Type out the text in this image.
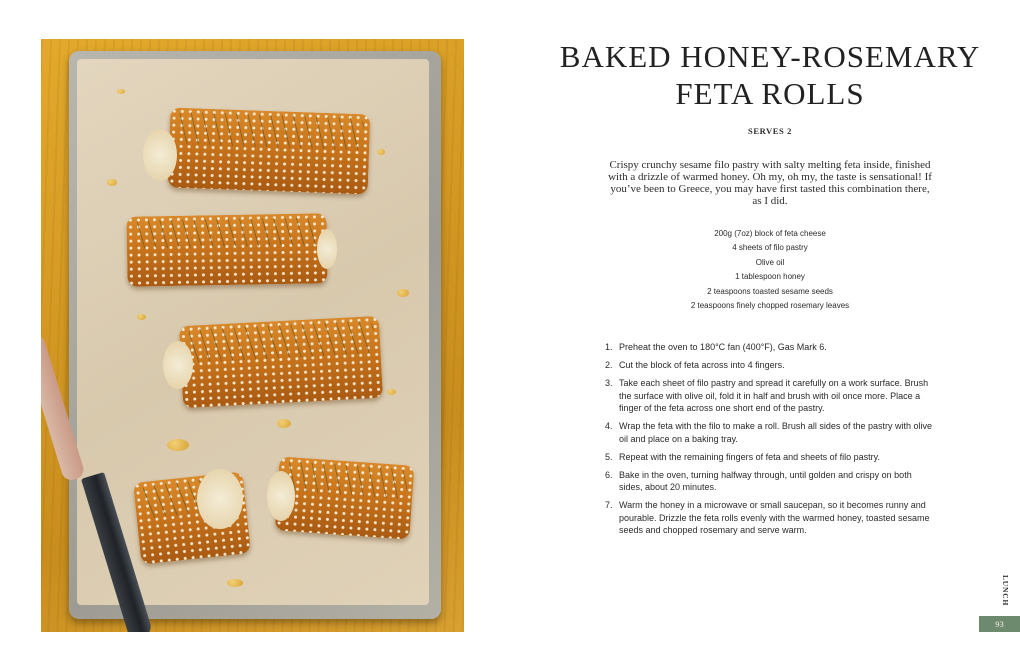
BAKED HONEY-ROSEMARY
FETA ROLLS
SERVES 2

Crispy crunchy sesame filo pastry with salty melting feta inside, finished with a drizzle of warmed honey. Oh my, oh my, the taste is sensational! If you’ve been to Greece, you may have first tasted this combination there, as I did.

200g (7oz) block of feta cheese
4 sheets of filo pastry
Olive oil
1 tablespoon honey
2 teaspoons toasted sesame seeds
2 teaspoons finely chopped rosemary leaves
1. Preheat the oven to 180°C fan (400°F), Gas Mark 6.
2. Cut the block of feta across into 4 fingers.
3. Take each sheet of filo pastry and spread it carefully on a work surface. Brush the surface with olive oil, fold it in half and brush with oil once more. Place a finger of the feta across one short end of the pastry.
4. Wrap the feta with the filo to make a roll. Brush all sides of the pastry with olive oil and place on a baking tray.
5. Repeat with the remaining fingers of feta and sheets of filo pastry.
6. Bake in the oven, turning halfway through, until golden and crispy on both sides, about 20 minutes.
7. Warm the honey in a microwave or small saucepan, so it becomes runny and pourable. Drizzle the feta rolls evenly with the warmed honey, toasted sesame seeds and chopped rosemary and serve warm.
LUNCH
93
